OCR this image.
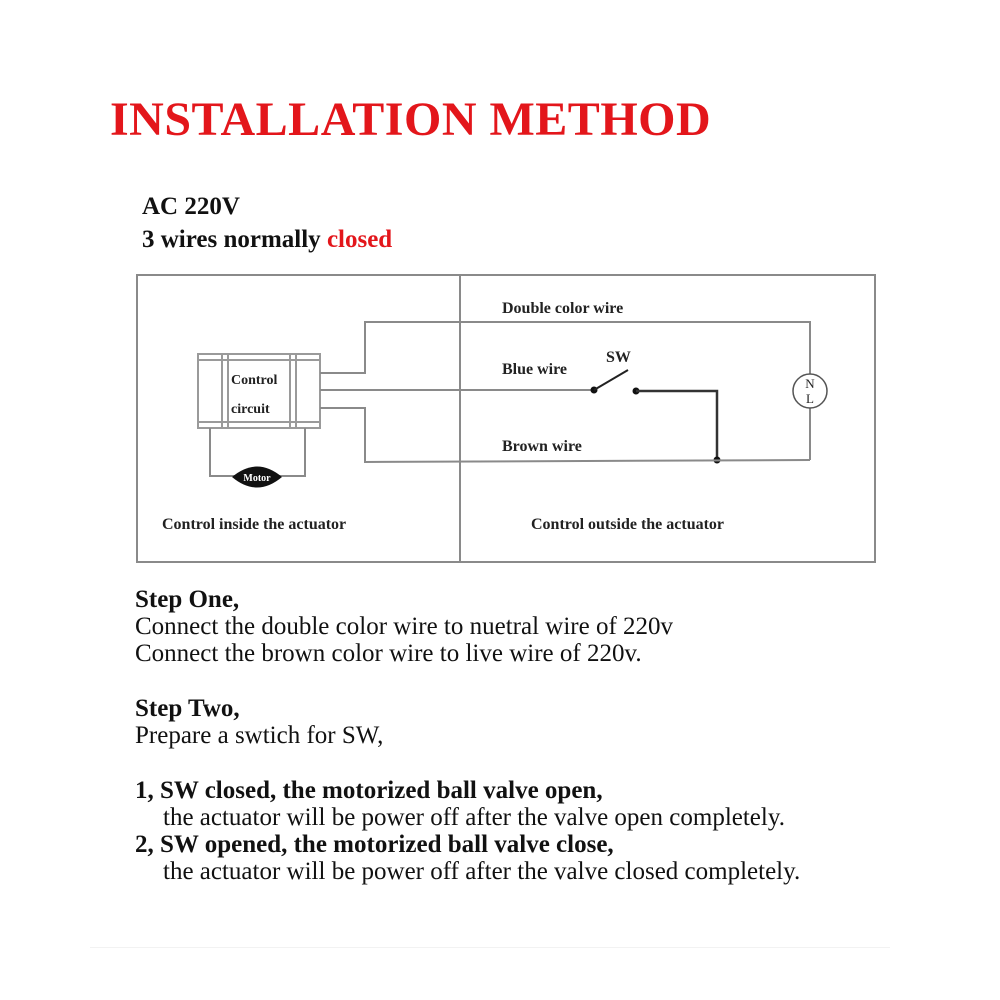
INSTALLATION METHOD
AC 220V
3 wires normally closed
Control
circuit
Motor
N
L
Double color wire
Blue wire
SW
Brown wire
Control inside the actuator	Control outside the actuator
Step One,
Connect the double color wire to nuetral wire of 220v
Connect the brown color wire to live wire of 220v.
Step Two,
Prepare a swtich for SW,
1, SW closed, the motorized ball valve open,
the actuator will be power off after the valve open completely.
2, SW opened, the motorized ball valve close,
the actuator will be power off after the valve closed completely.
